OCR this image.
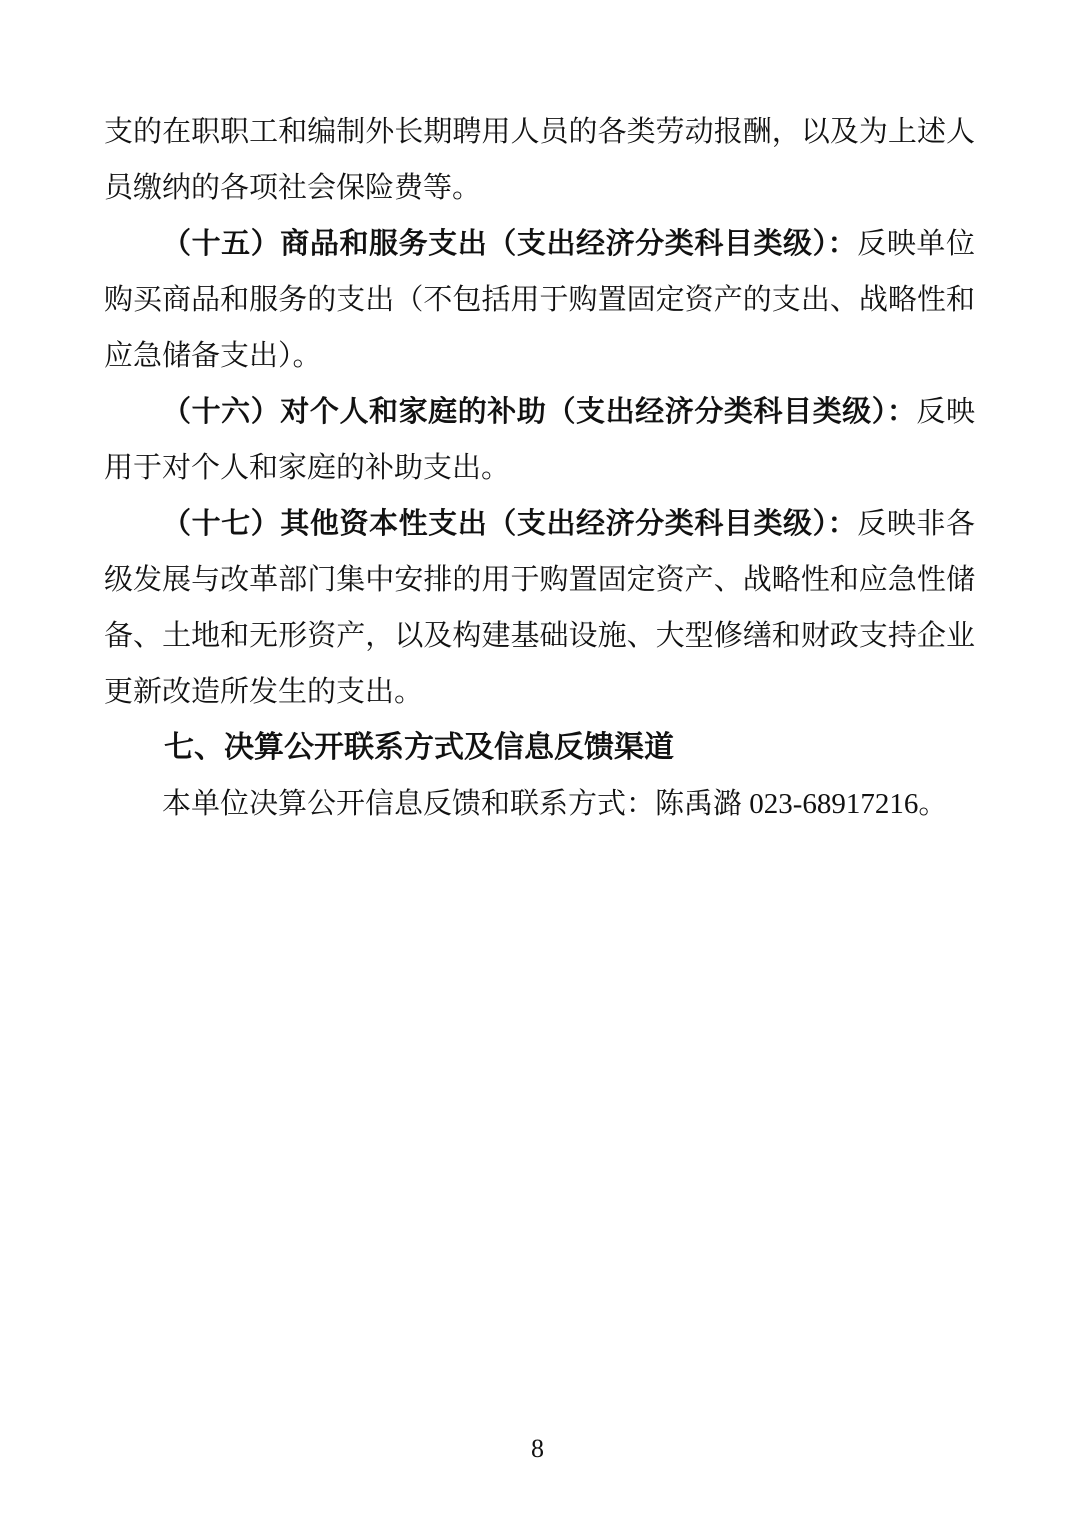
支的在职职工和编制外长期聘用人员的各类劳动报酬，以及为上述人员缴纳的各项社会保险费等。

（十五）商品和服务支出（支出经济分类科目类级）：反映单位购买商品和服务的支出（不包括用于购置固定资产的支出、战略性和应急储备支出）。

（十六）对个人和家庭的补助（支出经济分类科目类级）：反映用于对个人和家庭的补助支出。

（十七）其他资本性支出（支出经济分类科目类级）：反映非各级发展与改革部门集中安排的用于购置固定资产、战略性和应急性储备、土地和无形资产，以及构建基础设施、大型修缮和财政支持企业更新改造所发生的支出。

七、决算公开联系方式及信息反馈渠道

本单位决算公开信息反馈和联系方式：陈禹潞 023-68917216。

8
